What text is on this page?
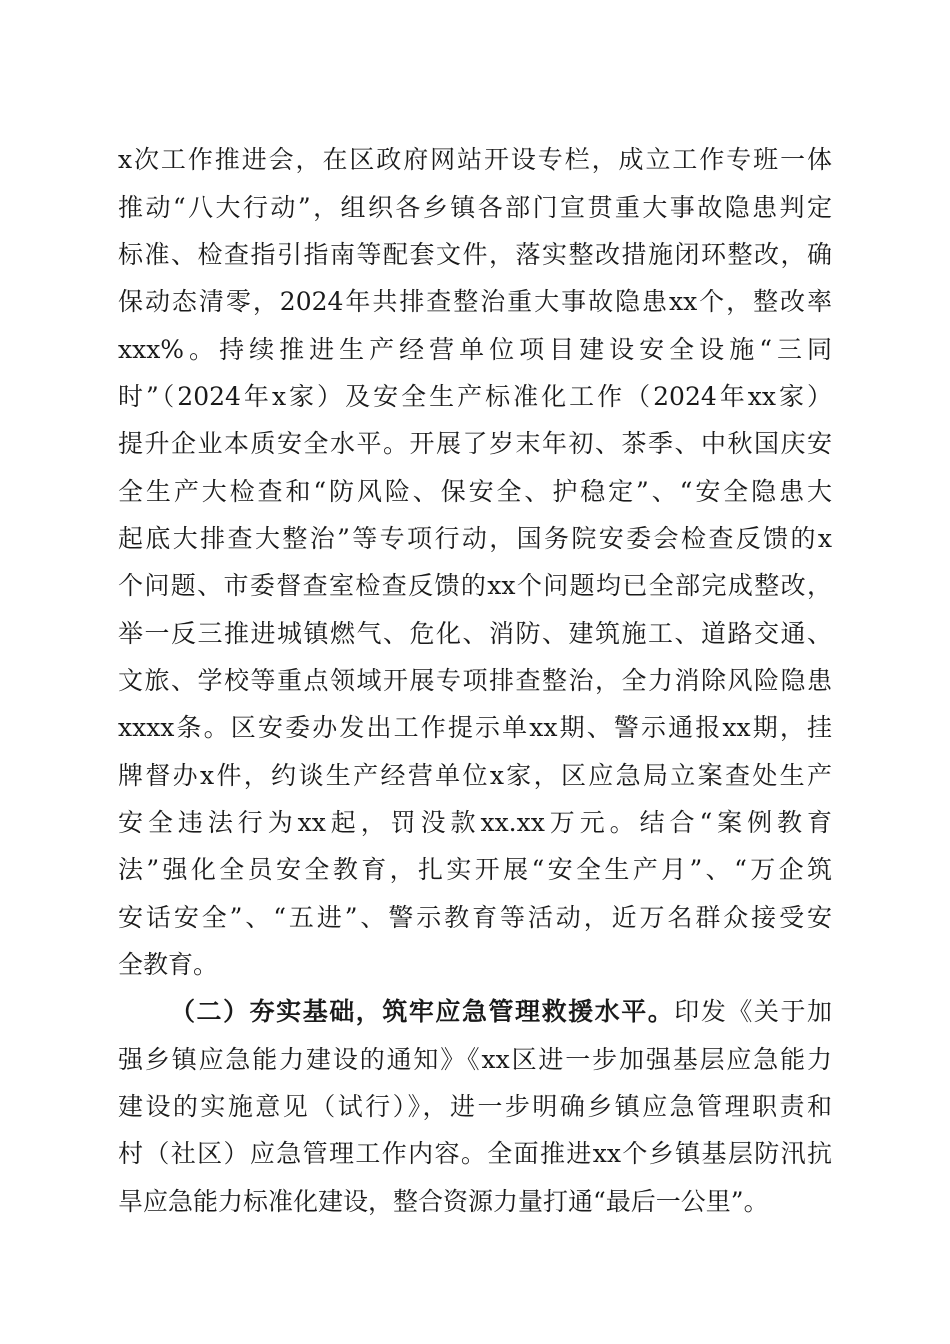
x次工作推进会，在区政府网站开设专栏，成立工作专班一体
推动“八大行动”，组织各乡镇各部门宣贯重大事故隐患判定
标准、检查指引指南等配套文件，落实整改措施闭环整改，确
保动态清零，2024年共排查整治重大事故隐患xx个，整改率
xxx%。持续推进生产经营单位项目建设安全设施“三同
时”（2024年x家）及安全生产标准化工作（2024年xx家）
提升企业本质安全水平。开展了岁末年初、茶季、中秋国庆安
全生产大检查和“防风险、保安全、护稳定”、“安全隐患大
起底大排查大整治”等专项行动，国务院安委会检查反馈的x
个问题、市委督查室检查反馈的xx个问题均已全部完成整改，
举一反三推进城镇燃气、危化、消防、建筑施工、道路交通、
文旅、学校等重点领域开展专项排查整治，全力消除风险隐患
xxxx条。区安委办发出工作提示单xx期、警示通报xx期，挂
牌督办x件，约谈生产经营单位x家，区应急局立案查处生产
安全违法行为xx起，罚没款xx.xx万元。结合“案例教育
法”强化全员安全教育，扎实开展“安全生产月”、“万企筑
安话安全”、“五进”、警示教育等活动，近万名群众接受安
全教育。
（二）夯实基础，筑牢应急管理救援水平。印发《关于加
强乡镇应急能力建设的通知》《xx区进一步加强基层应急能力
建设的实施意见（试行）》，进一步明确乡镇应急管理职责和
村（社区）应急管理工作内容。全面推进xx个乡镇基层防汛抗
旱应急能力标准化建设，整合资源力量打通“最后一公里”。
